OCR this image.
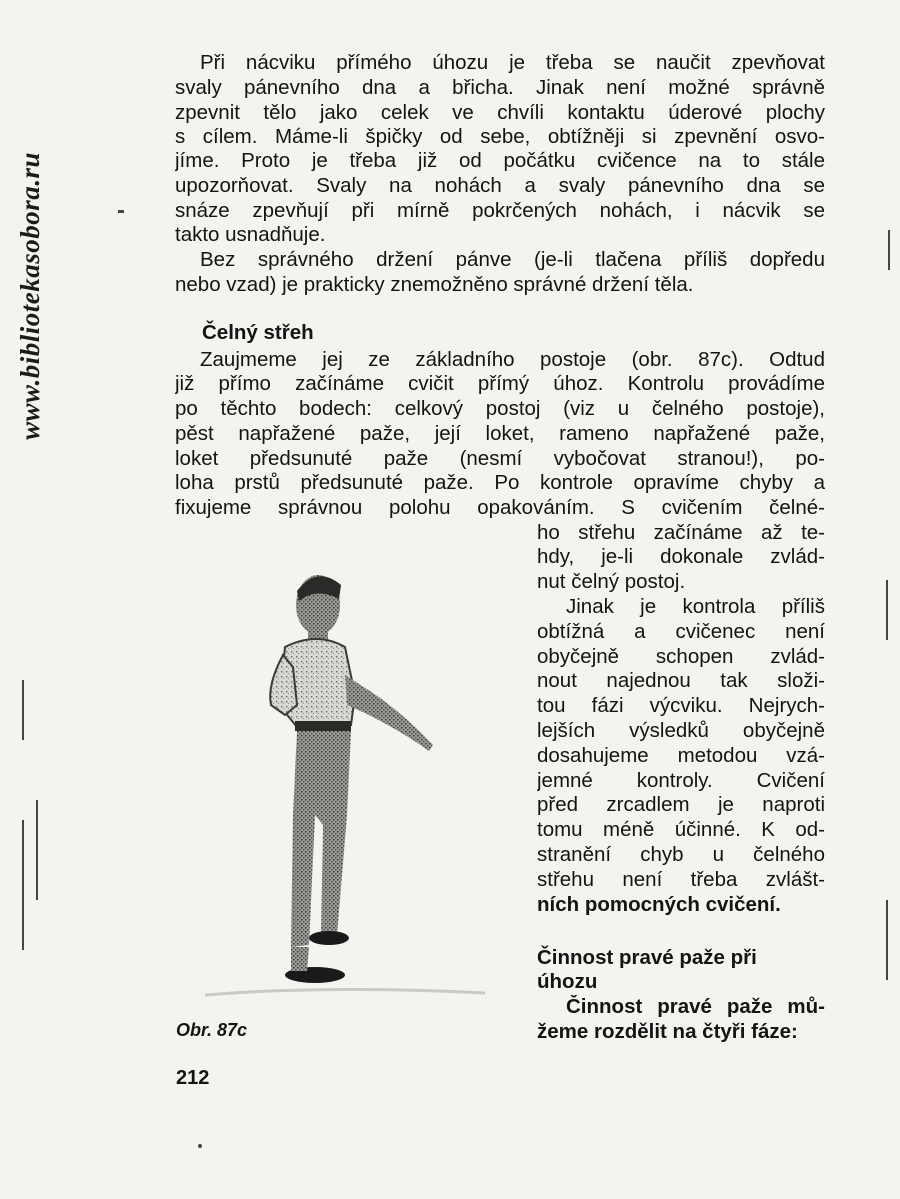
www.bibliotekasobora.ru
Při nácviku přímého úhozu je třeba se naučit zpevňovat
svaly pánevního dna a břicha. Jinak není možné správně
zpevnit tělo jako celek ve chvíli kontaktu úderové plochy
s cílem. Máme-li špičky od sebe, obtížněji si zpevnění osvo-
jíme. Proto je třeba již od počátku cvičence na to stále
upozorňovat. Svaly na nohách a svaly pánevního dna se
snáze zpevňují při mírně pokrčených nohách, i nácvik se
takto usnadňuje.
Bez správného držení pánve (je-li tlačena příliš dopředu
nebo vzad) je prakticky znemožněno správné držení těla.
Čelný střeh
Zaujmeme jej ze základního postoje (obr. 87c). Odtud
již přímo začínáme cvičit přímý úhoz. Kontrolu provádíme
po těchto bodech: celkový postoj (viz u čelného postoje),
pěst napřažené paže, její loket, rameno napřažené paže,
loket předsunuté paže (nesmí vybočovat stranou!), po-
loha prstů předsunuté paže. Po kontrole opravíme chyby a
fixujeme správnou polohu opakováním. S cvičením čelné-
ho střehu začínáme až te-
hdy, je-li dokonale zvlád-
nut čelný postoj.
Jinak je kontrola příliš
obtížná a cvičenec není
obyčejně schopen zvlád-
nout najednou tak složi-
tou fázi výcviku. Nejrych-
lejších výsledků obyčejně
dosahujeme metodou vzá-
jemné kontroly. Cvičení
před zrcadlem je naproti
tomu méně účinné. K od-
stranění chyb u čelného
střehu není třeba zvlášt-
ních pomocných cvičení.
Činnost pravé paže při
úhozu
Činnost pravé paže mů-
žeme rozdělit na čtyři fáze:
Obr. 87c
212
